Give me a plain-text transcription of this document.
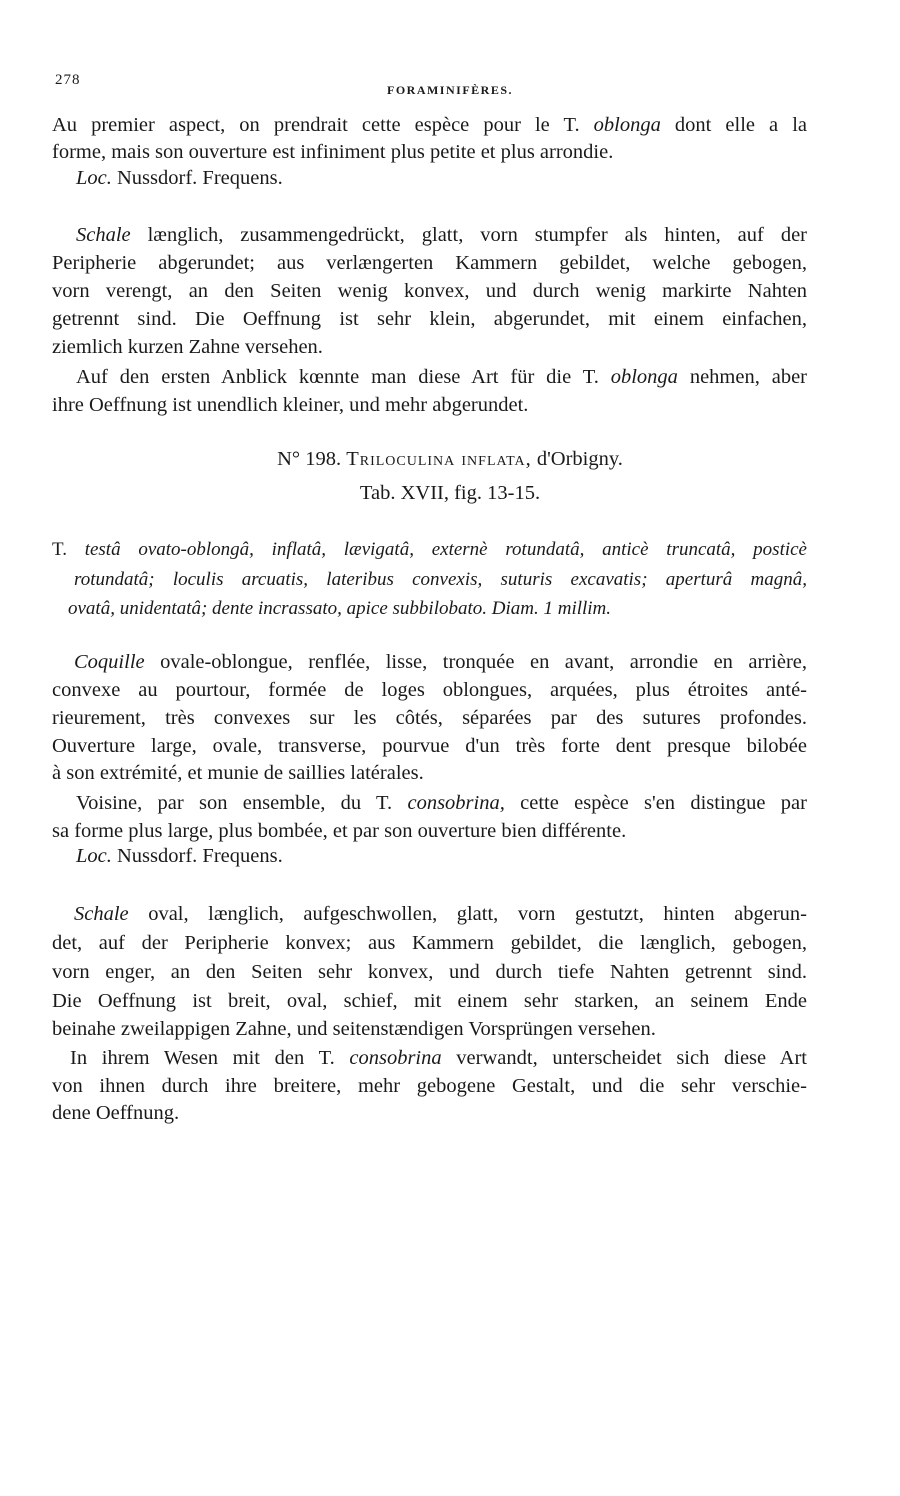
278
FORAMINIFÈRES.
Au premier aspect, on prendrait cette espèce pour le T. oblonga dont elle a la
forme, mais son ouverture est infiniment plus petite et plus arrondie.
Loc. Nussdorf. Frequens.
Schale længlich, zusammengedrückt, glatt, vorn stumpfer als hinten, auf der
Peripherie abgerundet; aus verlængerten Kammern gebildet, welche gebogen,
vorn verengt, an den Seiten wenig konvex, und durch wenig markirte Nahten
getrennt sind. Die Oeffnung ist sehr klein, abgerundet, mit einem einfachen,
ziemlich kurzen Zahne versehen.
Auf den ersten Anblick kœnnte man diese Art für die T. oblonga nehmen, aber
ihre Oeffnung ist unendlich kleiner, und mehr abgerundet.
N° 198. Triloculina inflata, d'Orbigny.
Tab. XVII, fig. 13-15.
T. testâ ovato-oblongâ, inflatâ, lævigatâ, externè rotundatâ, anticè truncatâ, posticè
rotundatâ; loculis arcuatis, lateribus convexis, suturis excavatis; aperturâ magnâ,
ovatâ, unidentatâ; dente incrassato, apice subbilobato. Diam. 1 millim.
Coquille ovale-oblongue, renflée, lisse, tronquée en avant, arrondie en arrière,
convexe au pourtour, formée de loges oblongues, arquées, plus étroites anté-
rieurement, très convexes sur les côtés, séparées par des sutures profondes.
Ouverture large, ovale, transverse, pourvue d'un très forte dent presque bilobée
à son extrémité, et munie de saillies latérales.
Voisine, par son ensemble, du T. consobrina, cette espèce s'en distingue par
sa forme plus large, plus bombée, et par son ouverture bien différente.
Loc. Nussdorf. Frequens.
Schale oval, længlich, aufgeschwollen, glatt, vorn gestutzt, hinten abgerun-
det, auf der Peripherie konvex; aus Kammern gebildet, die længlich, gebogen,
vorn enger, an den Seiten sehr konvex, und durch tiefe Nahten getrennt sind.
Die Oeffnung ist breit, oval, schief, mit einem sehr starken, an seinem Ende
beinahe zweilappigen Zahne, und seitenstændigen Vorsprüngen versehen.
In ihrem Wesen mit den T. consobrina verwandt, unterscheidet sich diese Art
von ihnen durch ihre breitere, mehr gebogene Gestalt, und die sehr verschie-
dene Oeffnung.
